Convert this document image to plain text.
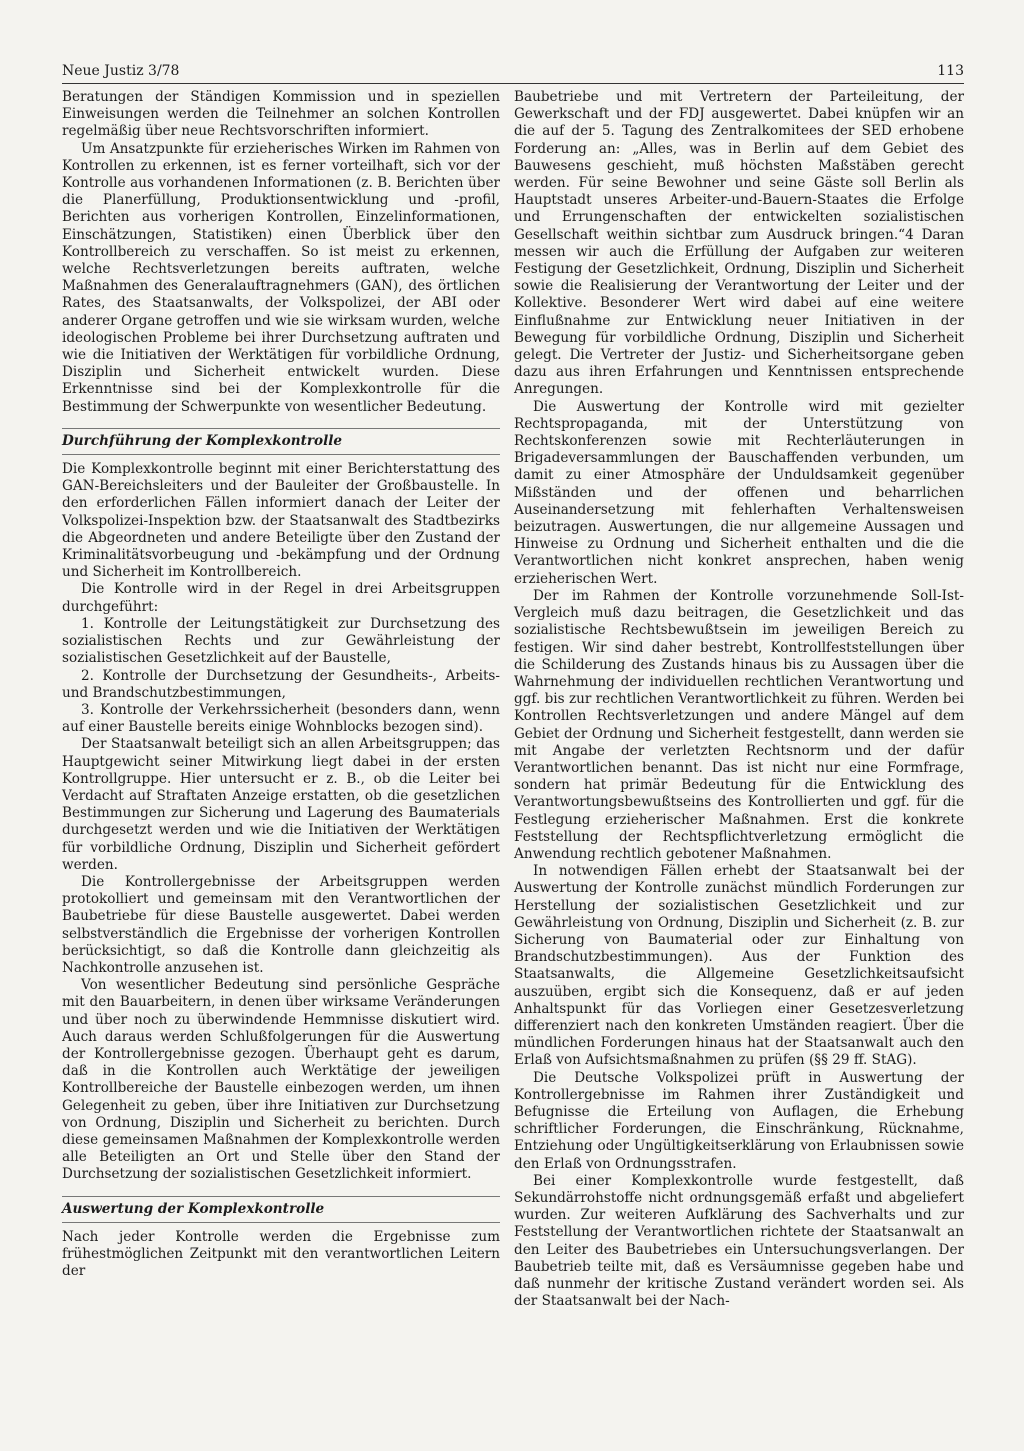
Neue Justiz 3/78	113

Beratungen der Ständigen Kommission und in speziellen Einweisungen werden die Teilnehmer an solchen Kontrollen regelmäßig über neue Rechtsvorschriften informiert.

Um Ansatzpunkte für erzieherisches Wirken im Rahmen von Kontrollen zu erkennen, ist es ferner vorteilhaft, sich vor der Kontrolle aus vorhandenen Informationen (z. B. Berichten über die Planerfüllung, Produktionsentwicklung und -profil, Berichten aus vorherigen Kontrollen, Einzelinformationen, Einschätzungen, Statistiken) einen Überblick über den Kontrollbereich zu verschaffen. So ist meist zu erkennen, welche Rechtsverletzungen bereits auftraten, welche Maßnahmen des Generalauftragnehmers (GAN), des örtlichen Rates, des Staatsanwalts, der Volkspolizei, der ABI oder anderer Organe getroffen und wie sie wirksam wurden, welche ideologischen Probleme bei ihrer Durchsetzung auftraten und wie die Initiativen der Werktätigen für vorbildliche Ordnung, Disziplin und Sicherheit entwickelt wurden. Diese Erkenntnisse sind bei der Komplexkontrolle für die Bestimmung der Schwerpunkte von wesentlicher Bedeutung.

Durchführung der Komplexkontrolle

Die Komplexkontrolle beginnt mit einer Berichterstattung des GAN-Bereichsleiters und der Bauleiter der Großbaustelle. In den erforderlichen Fällen informiert danach der Leiter der Volkspolizei-Inspektion bzw. der Staatsanwalt des Stadtbezirks die Abgeordneten und andere Beteiligte über den Zustand der Kriminalitätsvorbeugung und -bekämpfung und der Ordnung und Sicherheit im Kontrollbereich.

Die Kontrolle wird in der Regel in drei Arbeitsgruppen durchgeführt:

1. Kontrolle der Leitungstätigkeit zur Durchsetzung des sozialistischen Rechts und zur Gewährleistung der sozialistischen Gesetzlichkeit auf der Baustelle,
2. Kontrolle der Durchsetzung der Gesundheits-, Arbeits- und Brandschutzbestimmungen,
3. Kontrolle der Verkehrssicherheit (besonders dann, wenn auf einer Baustelle bereits einige Wohnblocks bezogen sind).

Der Staatsanwalt beteiligt sich an allen Arbeitsgruppen; das Hauptgewicht seiner Mitwirkung liegt dabei in der ersten Kontrollgruppe. Hier untersucht er z. B., ob die Leiter bei Verdacht auf Straftaten Anzeige erstatten, ob die gesetzlichen Bestimmungen zur Sicherung und Lagerung des Baumaterials durchgesetzt werden und wie die Initiativen der Werktätigen für vorbildliche Ordnung, Disziplin und Sicherheit gefördert werden.

Die Kontrollergebnisse der Arbeitsgruppen werden protokolliert und gemeinsam mit den Verantwortlichen der Baubetriebe für diese Baustelle ausgewertet. Dabei werden selbstverständlich die Ergebnisse der vorherigen Kontrollen berücksichtigt, so daß die Kontrolle dann gleichzeitig als Nachkontrolle anzusehen ist.

Von wesentlicher Bedeutung sind persönliche Gespräche mit den Bauarbeitern, in denen über wirksame Veränderungen und über noch zu überwindende Hemmnisse diskutiert wird. Auch daraus werden Schlußfolgerungen für die Auswertung der Kontrollergebnisse gezogen. Überhaupt geht es darum, daß in die Kontrollen auch Werktätige der jeweiligen Kontrollbereiche der Baustelle einbezogen werden, um ihnen Gelegenheit zu geben, über ihre Initiativen zur Durchsetzung von Ordnung, Disziplin und Sicherheit zu berichten. Durch diese gemeinsamen Maßnahmen der Komplexkontrolle werden alle Beteiligten an Ort und Stelle über den Stand der Durchsetzung der sozialistischen Gesetzlichkeit informiert.

Auswertung der Komplexkontrolle

Nach jeder Kontrolle werden die Ergebnisse zum frühestmöglichen Zeitpunkt mit den verantwortlichen Leitern der

Baubetriebe und mit Vertretern der Parteileitung, der Gewerkschaft und der FDJ ausgewertet. Dabei knüpfen wir an die auf der 5. Tagung des Zentralkomitees der SED erhobene Forderung an: „Alles, was in Berlin auf dem Gebiet des Bauwesens geschieht, muß höchsten Maßstäben gerecht werden. Für seine Bewohner und seine Gäste soll Berlin als Hauptstadt unseres Arbeiter-und-Bauern-Staates die Erfolge und Errungenschaften der entwickelten sozialistischen Gesellschaft weithin sichtbar zum Ausdruck bringen.“4 Daran messen wir auch die Erfüllung der Aufgaben zur weiteren Festigung der Gesetzlichkeit, Ordnung, Disziplin und Sicherheit sowie die Realisierung der Verantwortung der Leiter und der Kollektive. Besonderer Wert wird dabei auf eine weitere Einflußnahme zur Entwicklung neuer Initiativen in der Bewegung für vorbildliche Ordnung, Disziplin und Sicherheit gelegt. Die Vertreter der Justiz- und Sicherheitsorgane geben dazu aus ihren Erfahrungen und Kenntnissen entsprechende Anregungen.

Die Auswertung der Kontrolle wird mit gezielter Rechtspropaganda, mit der Unterstützung von Rechtskonferenzen sowie mit Rechterläuterungen in Brigadeversammlungen der Bauschaffenden verbunden, um damit zu einer Atmosphäre der Unduldsamkeit gegenüber Mißständen und der offenen und beharrlichen Auseinandersetzung mit fehlerhaften Verhaltensweisen beizutragen. Auswertungen, die nur allgemeine Aussagen und Hinweise zu Ordnung und Sicherheit enthalten und die die Verantwortlichen nicht konkret ansprechen, haben wenig erzieherischen Wert.

Der im Rahmen der Kontrolle vorzunehmende Soll-Ist-Vergleich muß dazu beitragen, die Gesetzlichkeit und das sozialistische Rechtsbewußtsein im jeweiligen Bereich zu festigen. Wir sind daher bestrebt, Kontrollfeststellungen über die Schilderung des Zustands hinaus bis zu Aussagen über die Wahrnehmung der individuellen rechtlichen Verantwortung und ggf. bis zur rechtlichen Verantwortlichkeit zu führen. Werden bei Kontrollen Rechtsverletzungen und andere Mängel auf dem Gebiet der Ordnung und Sicherheit festgestellt, dann werden sie mit Angabe der verletzten Rechtsnorm und der dafür Verantwortlichen benannt. Das ist nicht nur eine Formfrage, sondern hat primär Bedeutung für die Entwicklung des Verantwortungsbewußtseins des Kontrollierten und ggf. für die Festlegung erzieherischer Maßnahmen. Erst die konkrete Feststellung der Rechtspflichtverletzung ermöglicht die Anwendung rechtlich gebotener Maßnahmen.

In notwendigen Fällen erhebt der Staatsanwalt bei der Auswertung der Kontrolle zunächst mündlich Forderungen zur Herstellung der sozialistischen Gesetzlichkeit und zur Gewährleistung von Ordnung, Disziplin und Sicherheit (z. B. zur Sicherung von Baumaterial oder zur Einhaltung von Brandschutzbestimmungen). Aus der Funktion des Staatsanwalts, die Allgemeine Gesetzlichkeitsaufsicht auszuüben, ergibt sich die Konsequenz, daß er auf jeden Anhaltspunkt für das Vorliegen einer Gesetzesverletzung differenziert nach den konkreten Umständen reagiert. Über die mündlichen Forderungen hinaus hat der Staatsanwalt auch den Erlaß von Aufsichtsmaßnahmen zu prüfen (§§ 29 ff. StAG).

Die Deutsche Volkspolizei prüft in Auswertung der Kontrollergebnisse im Rahmen ihrer Zuständigkeit und Befugnisse die Erteilung von Auflagen, die Erhebung schriftlicher Forderungen, die Einschränkung, Rücknahme, Entziehung oder Ungültigkeitserklärung von Erlaubnissen sowie den Erlaß von Ordnungsstrafen.

Bei einer Komplexkontrolle wurde festgestellt, daß Sekundärrohstoffe nicht ordnungsgemäß erfaßt und abgeliefert wurden. Zur weiteren Aufklärung des Sachverhalts und zur Feststellung der Verantwortlichen richtete der Staatsanwalt an den Leiter des Baubetriebes ein Untersuchungsverlangen. Der Baubetrieb teilte mit, daß es Versäumnisse gegeben habe und daß nunmehr der kritische Zustand verändert worden sei. Als der Staatsanwalt bei der Nach-
